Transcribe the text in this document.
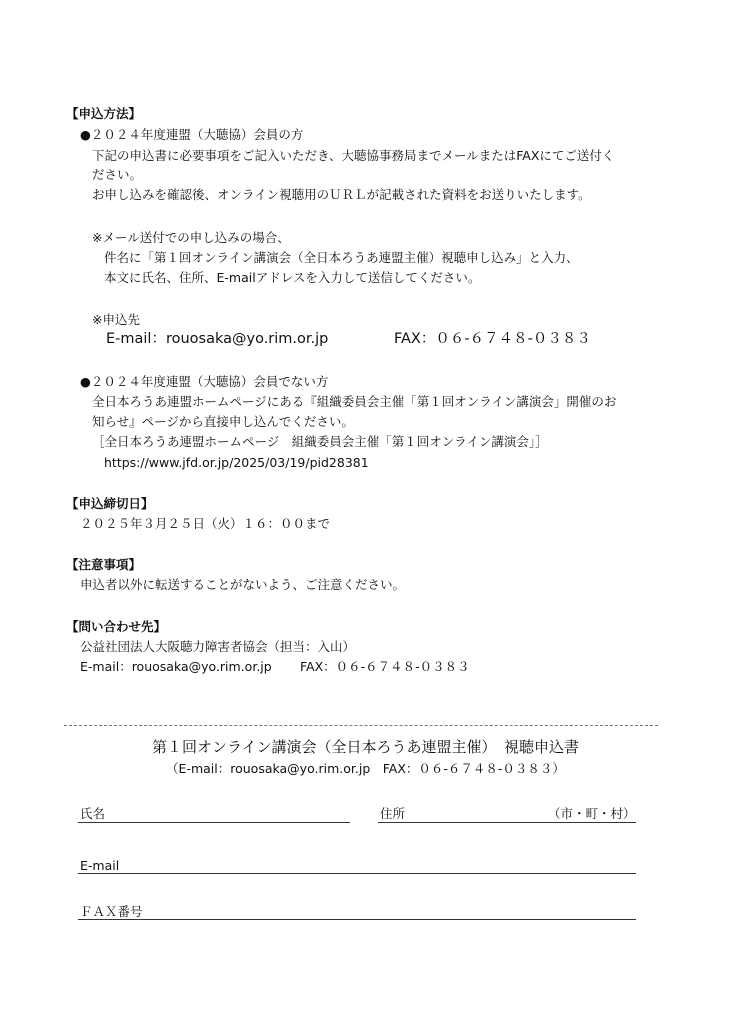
【申込方法】
●２０２４年度連盟（大聴協）会員の方
下記の申込書に必要事項をご記入いただき、大聴協事務局までメールまたはFAXにてご送付く
ださい。
お申し込みを確認後、オンライン視聴用のＵＲＬが記載された資料をお送りいたします。
※メール送付での申し込みの場合、
件名に「第１回オンライン講演会（全日本ろうあ連盟主催）視聴申し込み」と入力、
本文に氏名、住所、E-mailアドレスを入力して送信してください。
※申込先
E-mail：rouosaka@yo.rim.or.jp	FAX：０６-６７４８-０３８３
●２０２４年度連盟（大聴協）会員でない方
全日本ろうあ連盟ホームページにある『組織委員会主催「第１回オンライン講演会」開催のお
知らせ』ページから直接申し込んでください。
［全日本ろうあ連盟ホームページ　組織委員会主催「第１回オンライン講演会」］
https://www.jfd.or.jp/2025/03/19/pid28381
【申込締切日】
２０２５年３月２５日（火）１６：００まで
【注意事項】
申込者以外に転送することがないよう、ご注意ください。
【問い合わせ先】
公益社団法人大阪聴力障害者協会（担当：入山）
E-mail：rouosaka@yo.rim.or.jp FAX：０６-６７４８-０３８３
第１回オンライン講演会（全日本ろうあ連盟主催）　視聴申込書
（E-mail：rouosaka@yo.rim.or.jp　FAX：０６-６７４８-０３８３）
氏名	住所	（市・町・村）
E-mail
ＦＡＸ番号
